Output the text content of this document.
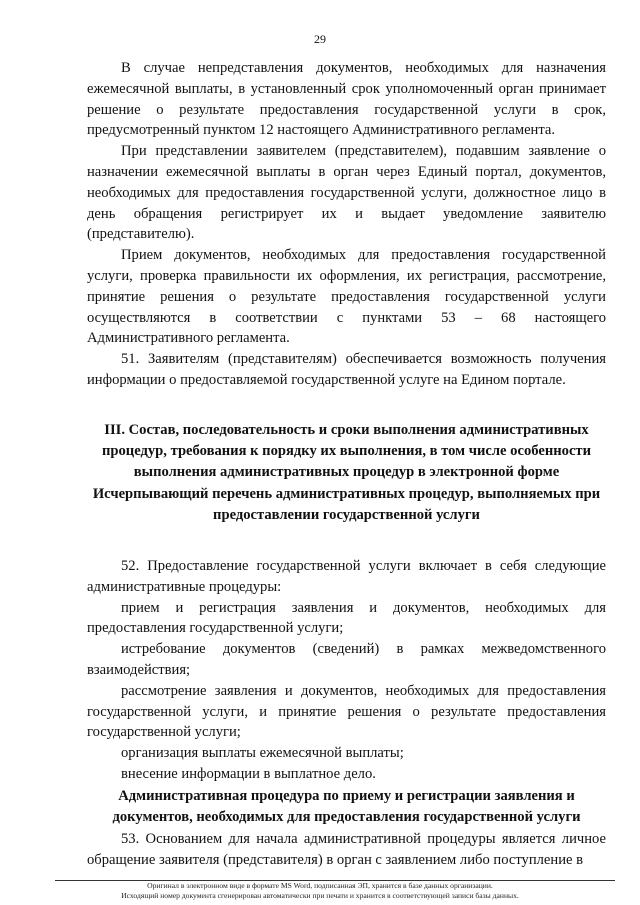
29

В случае непредставления документов, необходимых для назначения ежемесячной выплаты, в установленный срок уполномоченный орган принимает решение о результате предоставления государственной услуги в срок, предусмотренный пунктом 12 настоящего Административного регламента.

При представлении заявителем (представителем), подавшим заявление о назначении ежемесячной выплаты в орган через Единый портал, документов, необходимых для предоставления государственной услуги, должностное лицо в день обращения регистрирует их и выдает уведомление заявителю (представителю).

Прием документов, необходимых для предоставления государственной услуги, проверка правильности их оформления, их регистрация, рассмотрение, принятие решения о результате предоставления государственной услуги осуществляются в соответствии с пунктами 53 – 68 настоящего Административного регламента.

51. Заявителям (представителям) обеспечивается возможность получения информации о предоставляемой государственной услуге на Едином портале.

III. Состав, последовательность и сроки выполнения административных процедур, требования к порядку их выполнения, в том числе особенности выполнения административных процедур в электронной форме

Исчерпывающий перечень административных процедур, выполняемых при предоставлении государственной услуги

52. Предоставление государственной услуги включает в себя следующие административные процедуры:

прием и регистрация заявления и документов, необходимых для предоставления государственной услуги;

истребование документов (сведений) в рамках межведомственного взаимодействия;

рассмотрение заявления и документов, необходимых для предоставления государственной услуги, и принятие решения о результате предоставления государственной услуги;

организация выплаты ежемесячной выплаты;

внесение информации в выплатное дело.

Административная процедура по приему и регистрации заявления и документов, необходимых для предоставления государственной услуги

53. Основанием для начала административной процедуры является личное обращение заявителя (представителя) в орган с заявлением либо поступление в

Оригинал в электронном виде в формате MS Word, подписанная ЭП, хранится в базе данных организации.
Исходящий номер документа сгенерирован автоматически при печати и хранится в соответствующей записи базы данных.
